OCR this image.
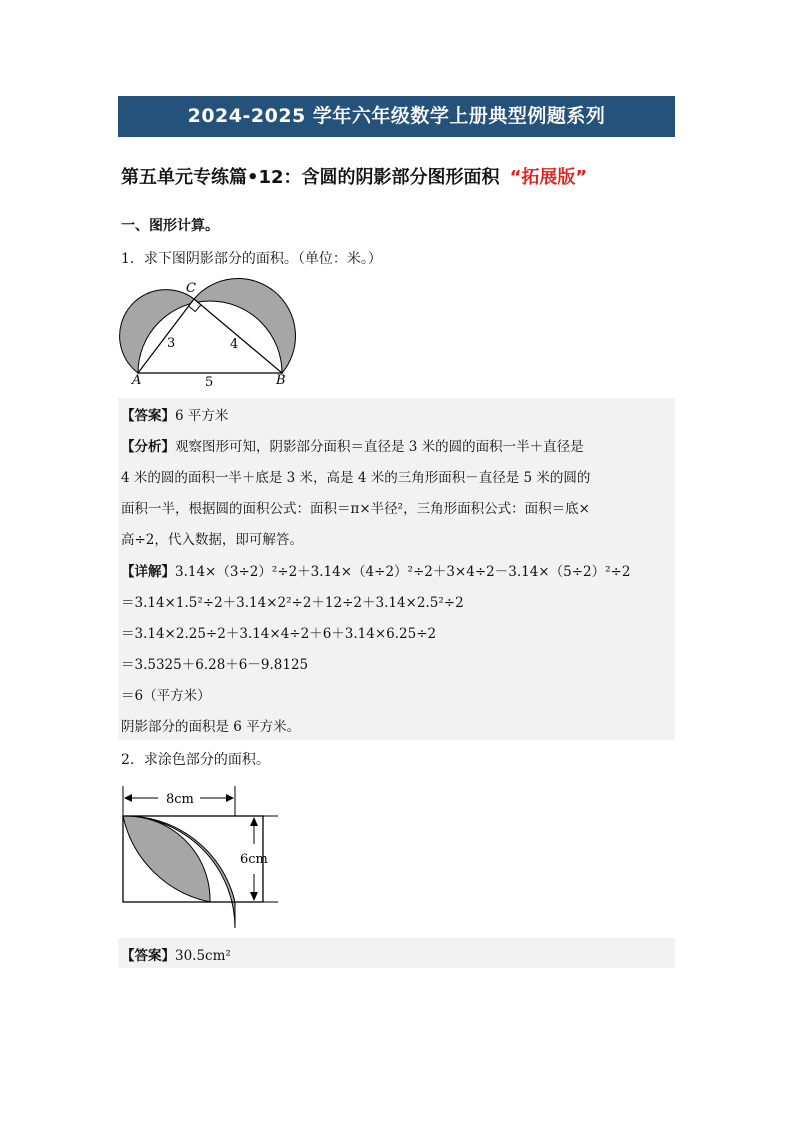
2024-2025 学年六年级数学上册典型例题系列
第五单元专练篇•12：含圆的阴影部分图形面积 “拓展版”
一、图形计算。
1．求下图阴影部分的面积。（单位：米。）
C
A	B
3	4
5
【答案】6 平方米
【分析】观察图形可知，阴影部分面积＝直径是 3 米的圆的面积一半＋直径是
4 米的圆的面积一半＋底是 3 米，高是 4 米的三角形面积－直径是 5 米的圆的
面积一半，根据圆的面积公式：面积＝π×半径²，三角形面积公式：面积＝底×
高÷2，代入数据，即可解答。
【详解】3.14×（3÷2）²÷2＋3.14×（4÷2）²÷2＋3×4÷2－3.14×（5÷2）²÷2
＝3.14×1.5²÷2＋3.14×2²÷2＋12÷2＋3.14×2.5²÷2
＝3.14×2.25÷2＋3.14×4÷2＋6＋3.14×6.25÷2
＝3.5325＋6.28＋6－9.8125
＝6（平方米）
阴影部分的面积是 6 平方米。
2．求涂色部分的面积。
8cm
6cm
【答案】30.5cm²
